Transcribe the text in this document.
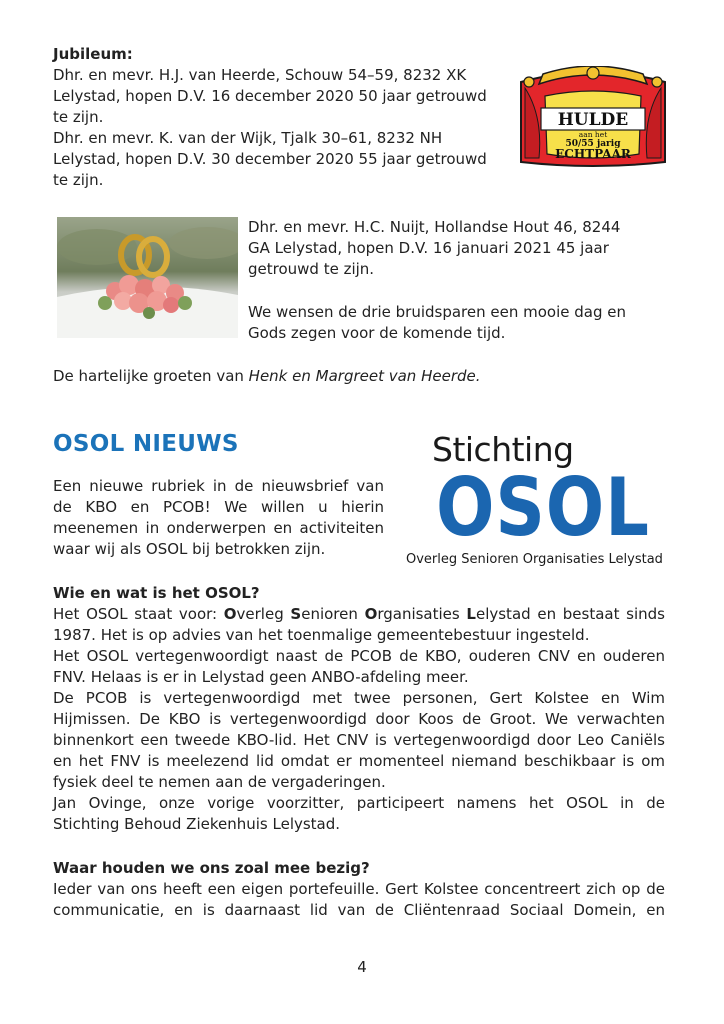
Jubileum:
Dhr. en mevr. H.J. van Heerde, Schouw 54–59, 8232 XK
Lelystad, hopen D.V. 16 december 2020 50 jaar getrouwd
te zijn.
Dhr. en mevr. K. van der Wijk, Tjalk 30–61, 8232 NH
Lelystad, hopen D.V. 30 december 2020 55 jaar getrouwd
te zijn.
HULDE
aan het
50/55 jarig
ECHTPAAR
Dhr. en mevr. H.C. Nuijt, Hollandse Hout 46, 8244
GA Lelystad, hopen D.V. 16 januari 2021 45 jaar
getrouwd te zijn.
We wensen de drie bruidsparen een mooie dag en
Gods zegen voor de komende tijd.
De hartelijke groeten van Henk en Margreet van Heerde.
OSOL NIEUWS	Stichting
OSOL
Overleg Senioren Organisaties Lelystad
Een nieuwe rubriek in de nieuwsbrief van
de KBO en PCOB! We willen u hierin
meenemen in onderwerpen en activiteiten
waar wij als OSOL bij betrokken zijn.
Wie en wat is het OSOL?
Het OSOL staat voor: Overleg Senioren Organisaties Lelystad en bestaat sinds
1987. Het is op advies van het toenmalige gemeentebestuur ingesteld.
Het OSOL vertegenwoordigt naast de PCOB de KBO, ouderen CNV en ouderen
FNV. Helaas is er in Lelystad geen ANBO-afdeling meer.
De PCOB is vertegenwoordigd met twee personen, Gert Kolstee en Wim
Hijmissen. De KBO is vertegenwoordigd door Koos de Groot. We verwachten
binnenkort een tweede KBO-lid. Het CNV is vertegenwoordigd door Leo Caniëls
en het FNV is meelezend lid omdat er momenteel niemand beschikbaar is om
fysiek deel te nemen aan de vergaderingen.
Jan Ovinge, onze vorige voorzitter, participeert namens het OSOL in de
Stichting Behoud Ziekenhuis Lelystad.
Waar houden we ons zoal mee bezig?
Ieder van ons heeft een eigen portefeuille. Gert Kolstee concentreert zich op de
communicatie, en is daarnaast lid van de Cliëntenraad Sociaal Domein, en
4
